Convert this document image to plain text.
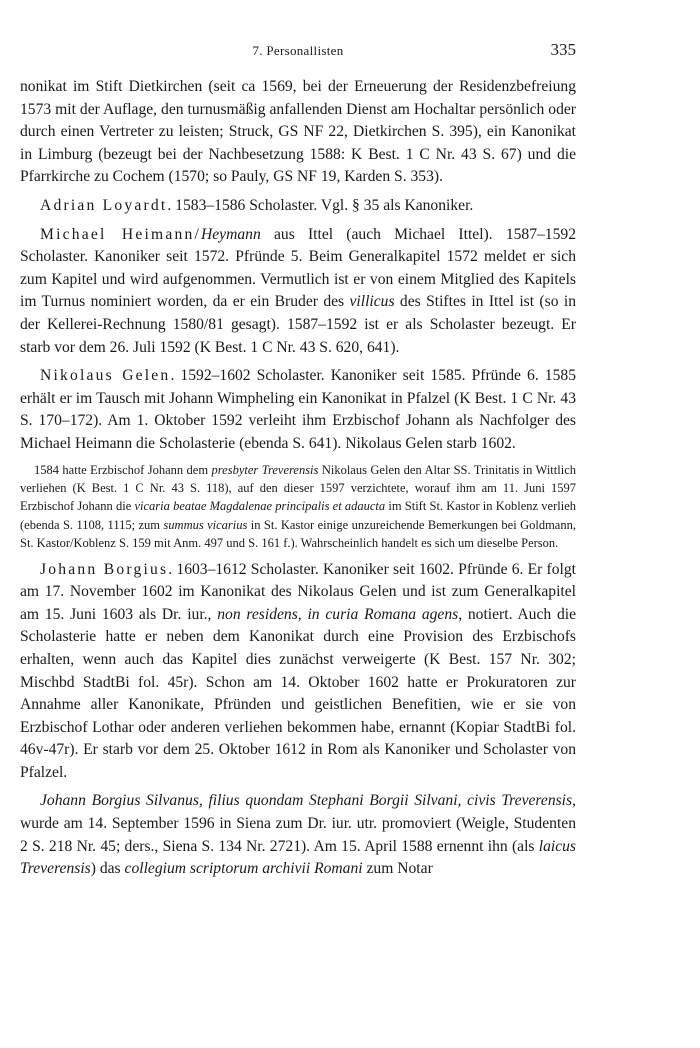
7. Personallisten	335

nonikat im Stift Dietkirchen (seit ca 1569, bei der Erneuerung der Residenzbefreiung 1573 mit der Auflage, den turnusmäßig anfallenden Dienst am Hochaltar persönlich oder durch einen Vertreter zu leisten; Struck, GS NF 22, Dietkirchen S. 395), ein Kanonikat in Limburg (bezeugt bei der Nachbesetzung 1588: K Best. 1 C Nr. 43 S. 67) und die Pfarrkirche zu Cochem (1570; so Pauly, GS NF 19, Karden S. 353).

Adrian Loyardt. 1583–1586 Scholaster. Vgl. § 35 als Kanoniker.

Michael Heimann/Heymann aus Ittel (auch Michael Ittel). 1587–1592 Scholaster. Kanoniker seit 1572. Pfründe 5. Beim Generalkapitel 1572 meldet er sich zum Kapitel und wird aufgenommen. Vermutlich ist er von einem Mitglied des Kapitels im Turnus nominiert worden, da er ein Bruder des villicus des Stiftes in Ittel ist (so in der Kellerei-Rechnung 1580/81 gesagt). 1587–1592 ist er als Scholaster bezeugt. Er starb vor dem 26. Juli 1592 (K Best. 1 C Nr. 43 S. 620, 641).

Nikolaus Gelen. 1592–1602 Scholaster. Kanoniker seit 1585. Pfründe 6. 1585 erhält er im Tausch mit Johann Wimpheling ein Kanonikat in Pfalzel (K Best. 1 C Nr. 43 S. 170–172). Am 1. Oktober 1592 verleiht ihm Erzbischof Johann als Nachfolger des Michael Heimann die Scholasterie (ebenda S. 641). Nikolaus Gelen starb 1602.

1584 hatte Erzbischof Johann dem presbyter Treverensis Nikolaus Gelen den Altar SS. Trinitatis in Wittlich verliehen (K Best. 1 C Nr. 43 S. 118), auf den dieser 1597 verzichtete, worauf ihm am 11. Juni 1597 Erzbischof Johann die vicaria beatae Magdalenae principalis et adaucta im Stift St. Kastor in Koblenz verlieh (ebenda S. 1108, 1115; zum summus vicarius in St. Kastor einige unzureichende Bemerkungen bei Goldmann, St. Kastor/Koblenz S. 159 mit Anm. 497 und S. 161 f.). Wahrscheinlich handelt es sich um dieselbe Person.

Johann Borgius. 1603–1612 Scholaster. Kanoniker seit 1602. Pfründe 6. Er folgt am 17. November 1602 im Kanonikat des Nikolaus Gelen und ist zum Generalkapitel am 15. Juni 1603 als Dr. iur., non residens, in curia Romana agens, notiert. Auch die Scholasterie hatte er neben dem Kanonikat durch eine Provision des Erzbischofs erhalten, wenn auch das Kapitel dies zunächst verweigerte (K Best. 157 Nr. 302; Mischbd StadtBi fol. 45r). Schon am 14. Oktober 1602 hatte er Prokuratoren zur Annahme aller Kanonikate, Pfründen und geistlichen Benefitien, wie er sie von Erzbischof Lothar oder anderen verliehen bekommen habe, ernannt (Kopiar StadtBi fol. 46v-47r). Er starb vor dem 25. Oktober 1612 in Rom als Kanoniker und Scholaster von Pfalzel.

Johann Borgius Silvanus, filius quondam Stephani Borgii Silvani, civis Treverensis, wurde am 14. September 1596 in Siena zum Dr. iur. utr. promoviert (Weigle, Studenten 2 S. 218 Nr. 45; ders., Siena S. 134 Nr. 2721). Am 15. April 1588 ernennt ihn (als laicus Treverensis) das collegium scriptorum archivii Romani zum Notar
